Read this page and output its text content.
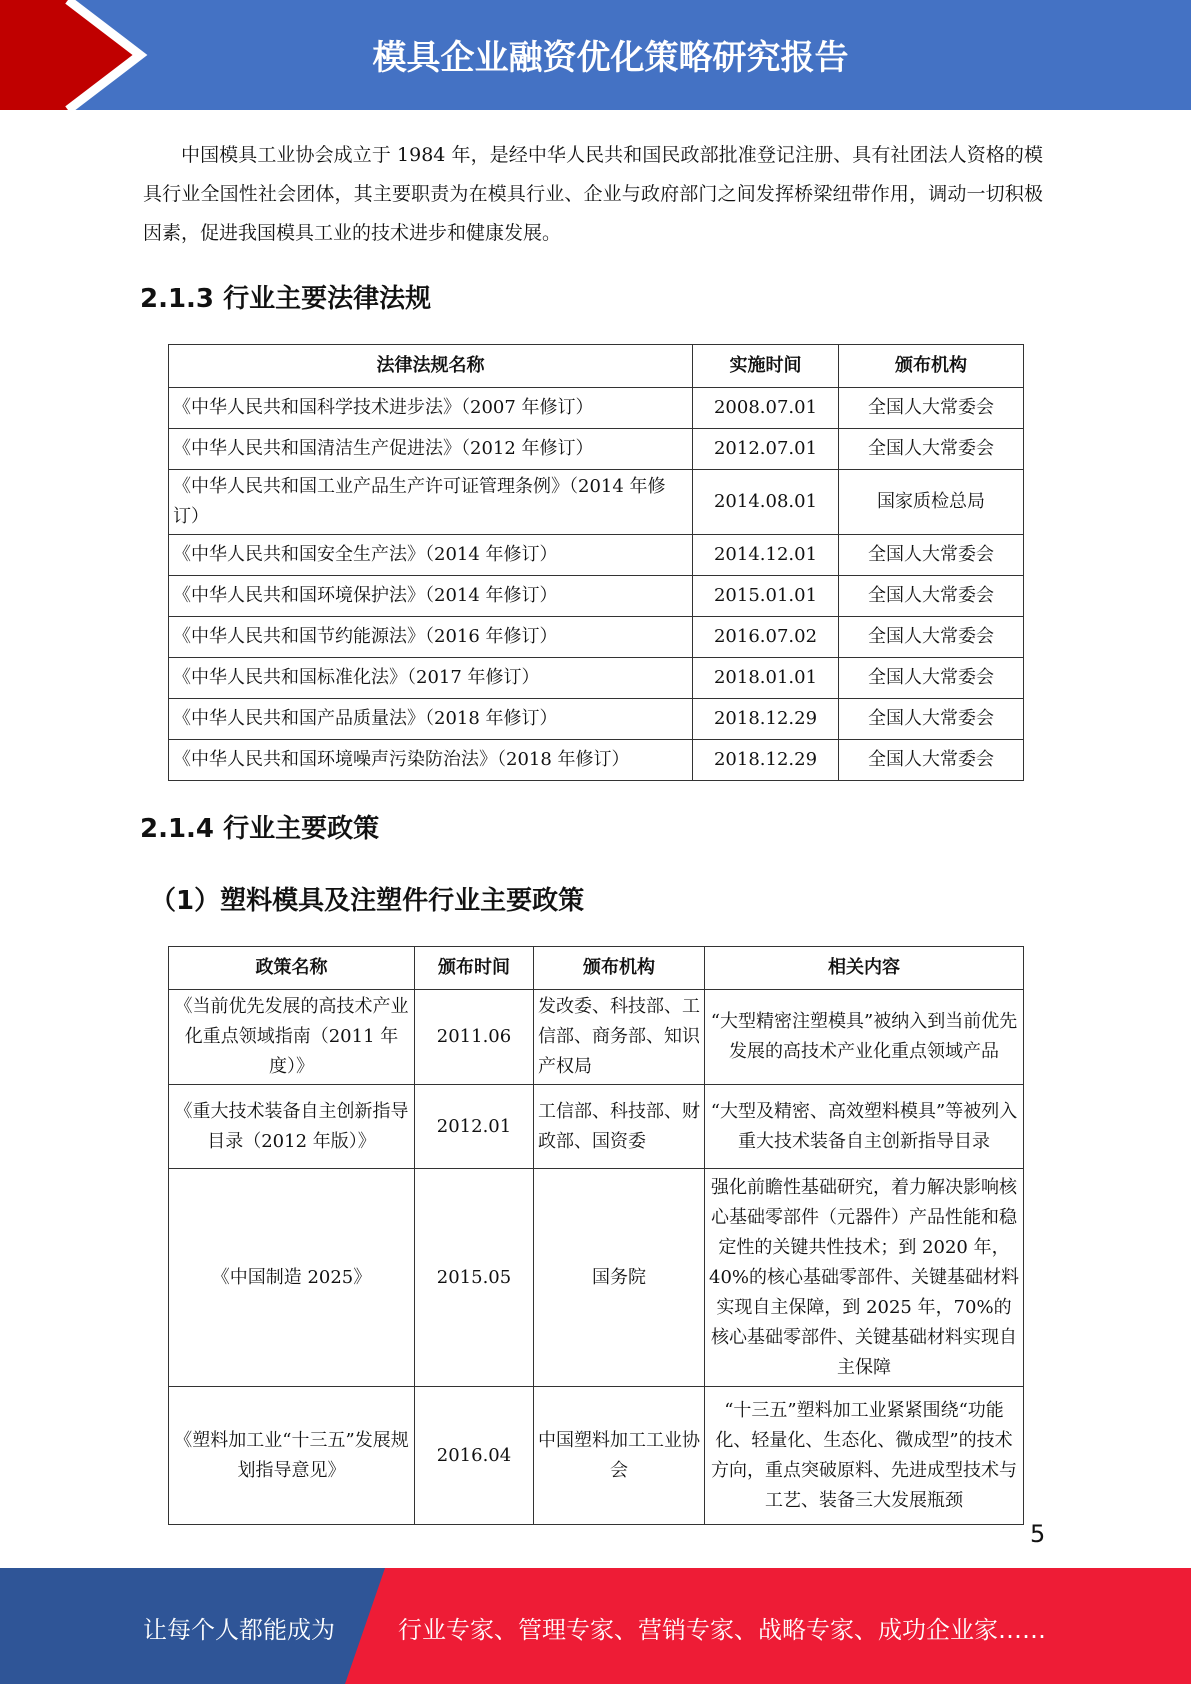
模具企业融资优化策略研究报告

中国模具工业协会成立于 1984 年，是经中华人民共和国民政部批准登记注册、具有社团法人资格的模具行业全国性社会团体，其主要职责为在模具行业、企业与政府部门之间发挥桥梁纽带作用，调动一切积极因素，促进我国模具工业的技术进步和健康发展。

2.1.3 行业主要法律法规
法律法规名称	实施时间	颁布机构
《中华人民共和国科学技术进步法》（2007 年修订）	2008.07.01	全国人大常委会
《中华人民共和国清洁生产促进法》（2012 年修订）	2012.07.01	全国人大常委会
《中华人民共和国工业产品生产许可证管理条例》（2014 年修订）	2014.08.01	国家质检总局
《中华人民共和国安全生产法》（2014 年修订）	2014.12.01	全国人大常委会
《中华人民共和国环境保护法》（2014 年修订）	2015.01.01	全国人大常委会
《中华人民共和国节约能源法》（2016 年修订）	2016.07.02	全国人大常委会
《中华人民共和国标准化法》（2017 年修订）	2018.01.01	全国人大常委会
《中华人民共和国产品质量法》（2018 年修订）	2018.12.29	全国人大常委会
《中华人民共和国环境噪声污染防治法》（2018 年修订）	2018.12.29	全国人大常委会
2.1.4 行业主要政策
（1）塑料模具及注塑件行业主要政策
政策名称	颁布时间	颁布机构	相关内容
《当前优先发展的高技术产业化重点领域指南（2011 年度）》	2011.06	发改委、科技部、工信部、商务部、知识产权局	“大型精密注塑模具”被纳入到当前优先发展的高技术产业化重点领域产品
《重大技术装备自主创新指导目录（2012 年版）》	2012.01	工信部、科技部、财政部、国资委	“大型及精密、高效塑料模具”等被列入重大技术装备自主创新指导目录
《中国制造 2025》	2015.05	国务院	强化前瞻性基础研究，着力解决影响核心基础零部件（元器件）产品性能和稳定性的关键共性技术；到 2020 年，40%的核心基础零部件、关键基础材料实现自主保障，到 2025 年，70%的核心基础零部件、关键基础材料实现自主保障
《塑料加工业“十三五”发展规划指导意见》	2016.04	中国塑料加工工业协会	“十三五”塑料加工业紧紧围绕“功能化、轻量化、生态化、微成型”的技术方向，重点突破原料、先进成型技术与工艺、装备三大发展瓶颈
5
让每个人都能成为	行业专家、管理专家、营销专家、战略专家、成功企业家……
